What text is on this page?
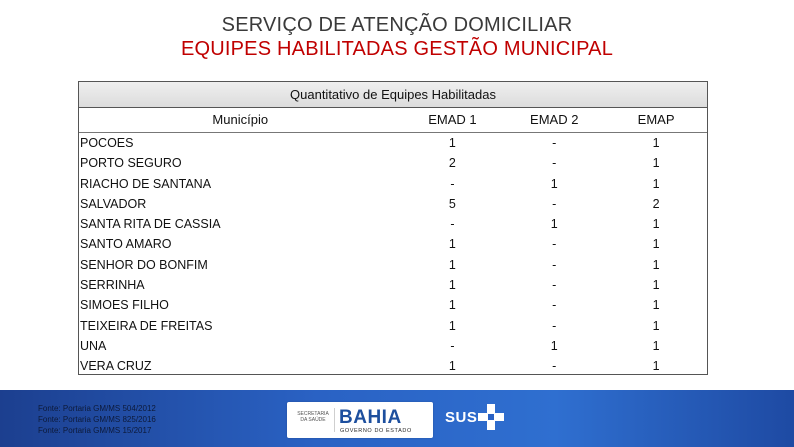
SERVIÇO DE ATENÇÃO DOMICILIAR
EQUIPES HABILITADAS GESTÃO MUNICIPAL
Quantitativo de Equipes Habilitadas
Município	EMAD 1	EMAD 2	EMAP
POCOES	1	-	1
PORTO SEGURO	2	-	1
RIACHO DE SANTANA	-	1	1
SALVADOR	5	-	2
SANTA RITA DE CASSIA	-	1	1
SANTO AMARO	1	-	1
SENHOR DO BONFIM	1	-	1
SERRINHA	1	-	1
SIMOES FILHO	1	-	1
TEIXEIRA DE FREITAS	1	-	1
UNA	-	1	1
VERA CRUZ	1	-	1
Fonte: Portaria GM/MS 504/2012
Fonte: Portaria GM/MS 825/2016
Fonte: Portaria GM/MS 15/2017
SECRETARIA DA SAÚDE BAHIA
GOVERNO DO ESTADO
SUS
